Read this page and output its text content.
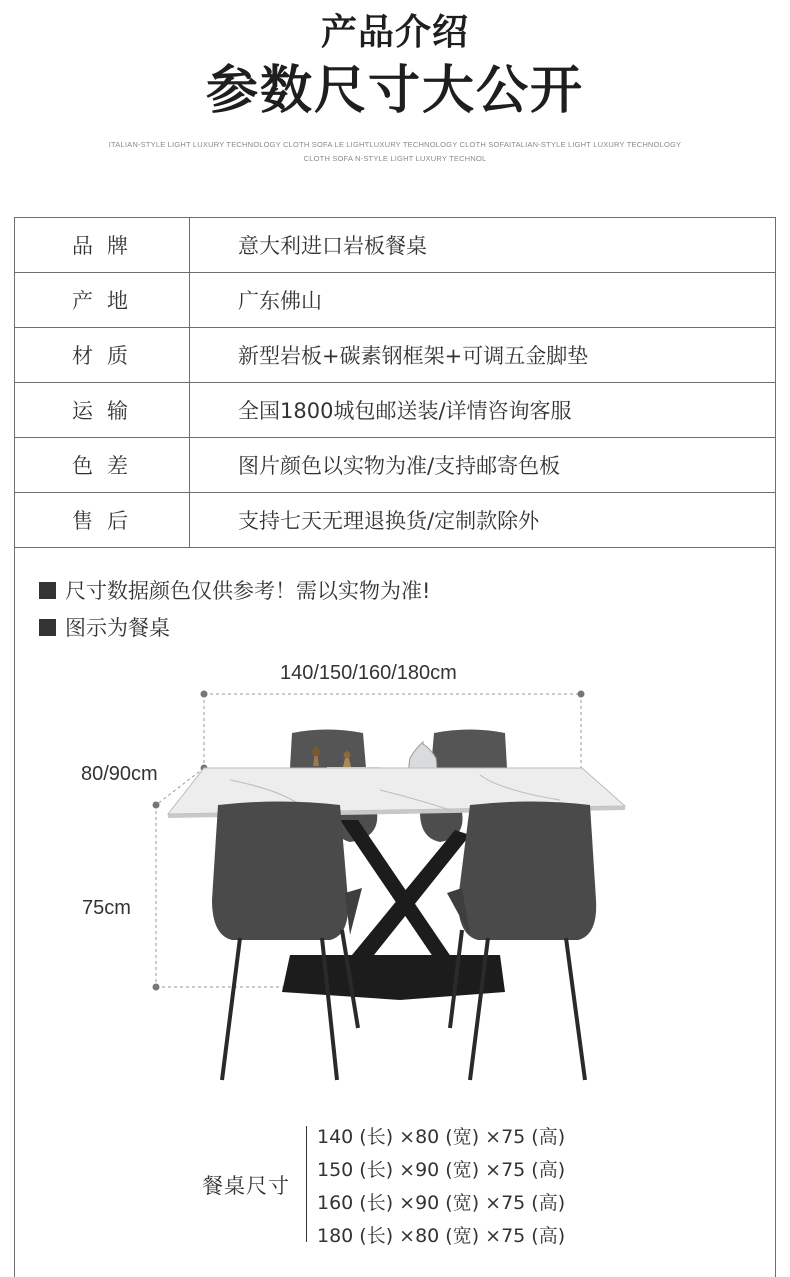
产品介绍
参数尺寸大公开
ITALIAN-STYLE LIGHT LUXURY TECHNOLOGY CLOTH SOFA LE LIGHTLUXURY TECHNOLOGY CLOTH SOFAITALIAN-STYLE LIGHT LUXURY TECHNOLOGY CLOTH SOFA N-STYLE LIGHT LUXURY TECHNOL
品牌	意大利进口岩板餐桌
产地	广东佛山
材质	新型岩板+碳素钢框架+可调五金脚垫
运输	全国1800城包邮送装/详情咨询客服
色差	图片颜色以实物为准/支持邮寄色板
售后	支持七天无理退换货/定制款除外
尺寸数据颜色仅供参考！需以实物为准!
图示为餐桌
140/150/160/180cm
80/90cm
75cm
餐桌尺寸
140 (长) ×80 (宽) ×75 (高)
150 (长) ×90 (宽) ×75 (高)
160 (长) ×90 (宽) ×75 (高)
180 (长) ×80 (宽) ×75 (高)
